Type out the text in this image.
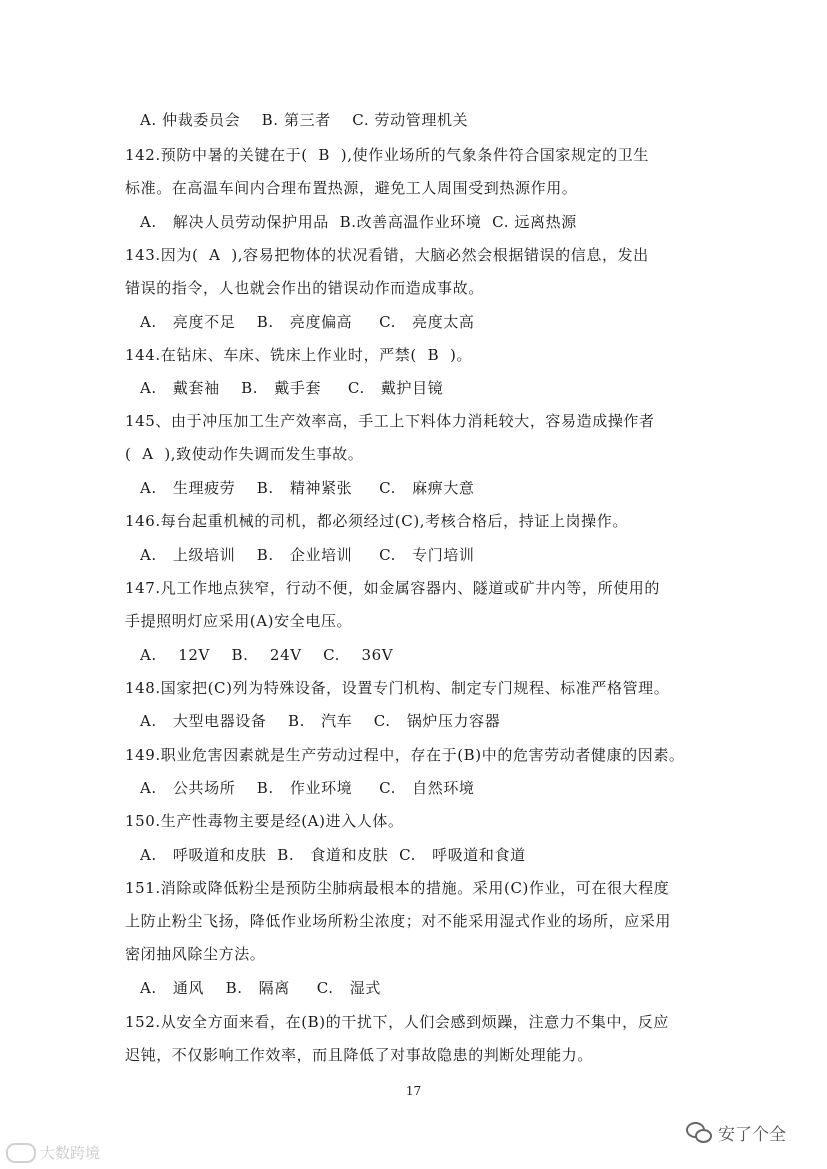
A. 仲裁委员会    B. 第三者    C. 劳动管理机关
142.预防中暑的关键在于(  B  ),使作业场所的气象条件符合国家规定的卫生
标准。在高温车间内合理布置热源，避免工人周围受到热源作用。
A.   解决人员劳动保护用品  B.改善高温作业环境  C. 远离热源
143.因为(  A  ),容易把物体的状况看错，大脑必然会根据错误的信息，发出
错误的指令，人也就会作出的错误动作而造成事故。
A.   亮度不足    B.   亮度偏高     C.   亮度太高
144.在钻床、车床、铣床上作业时，严禁(  B  )。
A.   戴套袖    B.   戴手套     C.   戴护目镜
145、由于冲压加工生产效率高，手工上下料体力消耗较大，容易造成操作者
(  A  ),致使动作失调而发生事故。
A.   生理疲劳    B.   精神紧张     C.   麻痹大意
146.每台起重机械的司机，都必须经过(C),考核合格后，持证上岗操作。
A.   上级培训    B.   企业培训     C.   专门培训
147.凡工作地点狭窄，行动不便，如金属容器内、隧道或矿井内等，所使用的
手提照明灯应采用(A)安全电压。
A.    12V    B.    24V    C.    36V
148.国家把(C)列为特殊设备，设置专门机构、制定专门规程、标准严格管理。
A.   大型电器设备    B.   汽车    C.   锅炉压力容器
149.职业危害因素就是生产劳动过程中，存在于(B)中的危害劳动者健康的因素。
A.   公共场所    B.   作业环境     C.   自然环境
150.生产性毒物主要是经(A)进入人体。
A.   呼吸道和皮肤  B.   食道和皮肤  C.   呼吸道和食道
151.消除或降低粉尘是预防尘肺病最根本的措施。采用(C)作业，可在很大程度
上防止粉尘飞扬，降低作业场所粉尘浓度；对不能采用湿式作业的场所，应采用
密闭抽风除尘方法。
A.   通风    B.   隔离     C.   湿式
152.从安全方面来看，在(B)的干扰下，人们会感到烦躁，注意力不集中，反应
迟钝，不仅影响工作效率，而且降低了对事故隐患的判断处理能力。
17
大数跨境
安了个全
